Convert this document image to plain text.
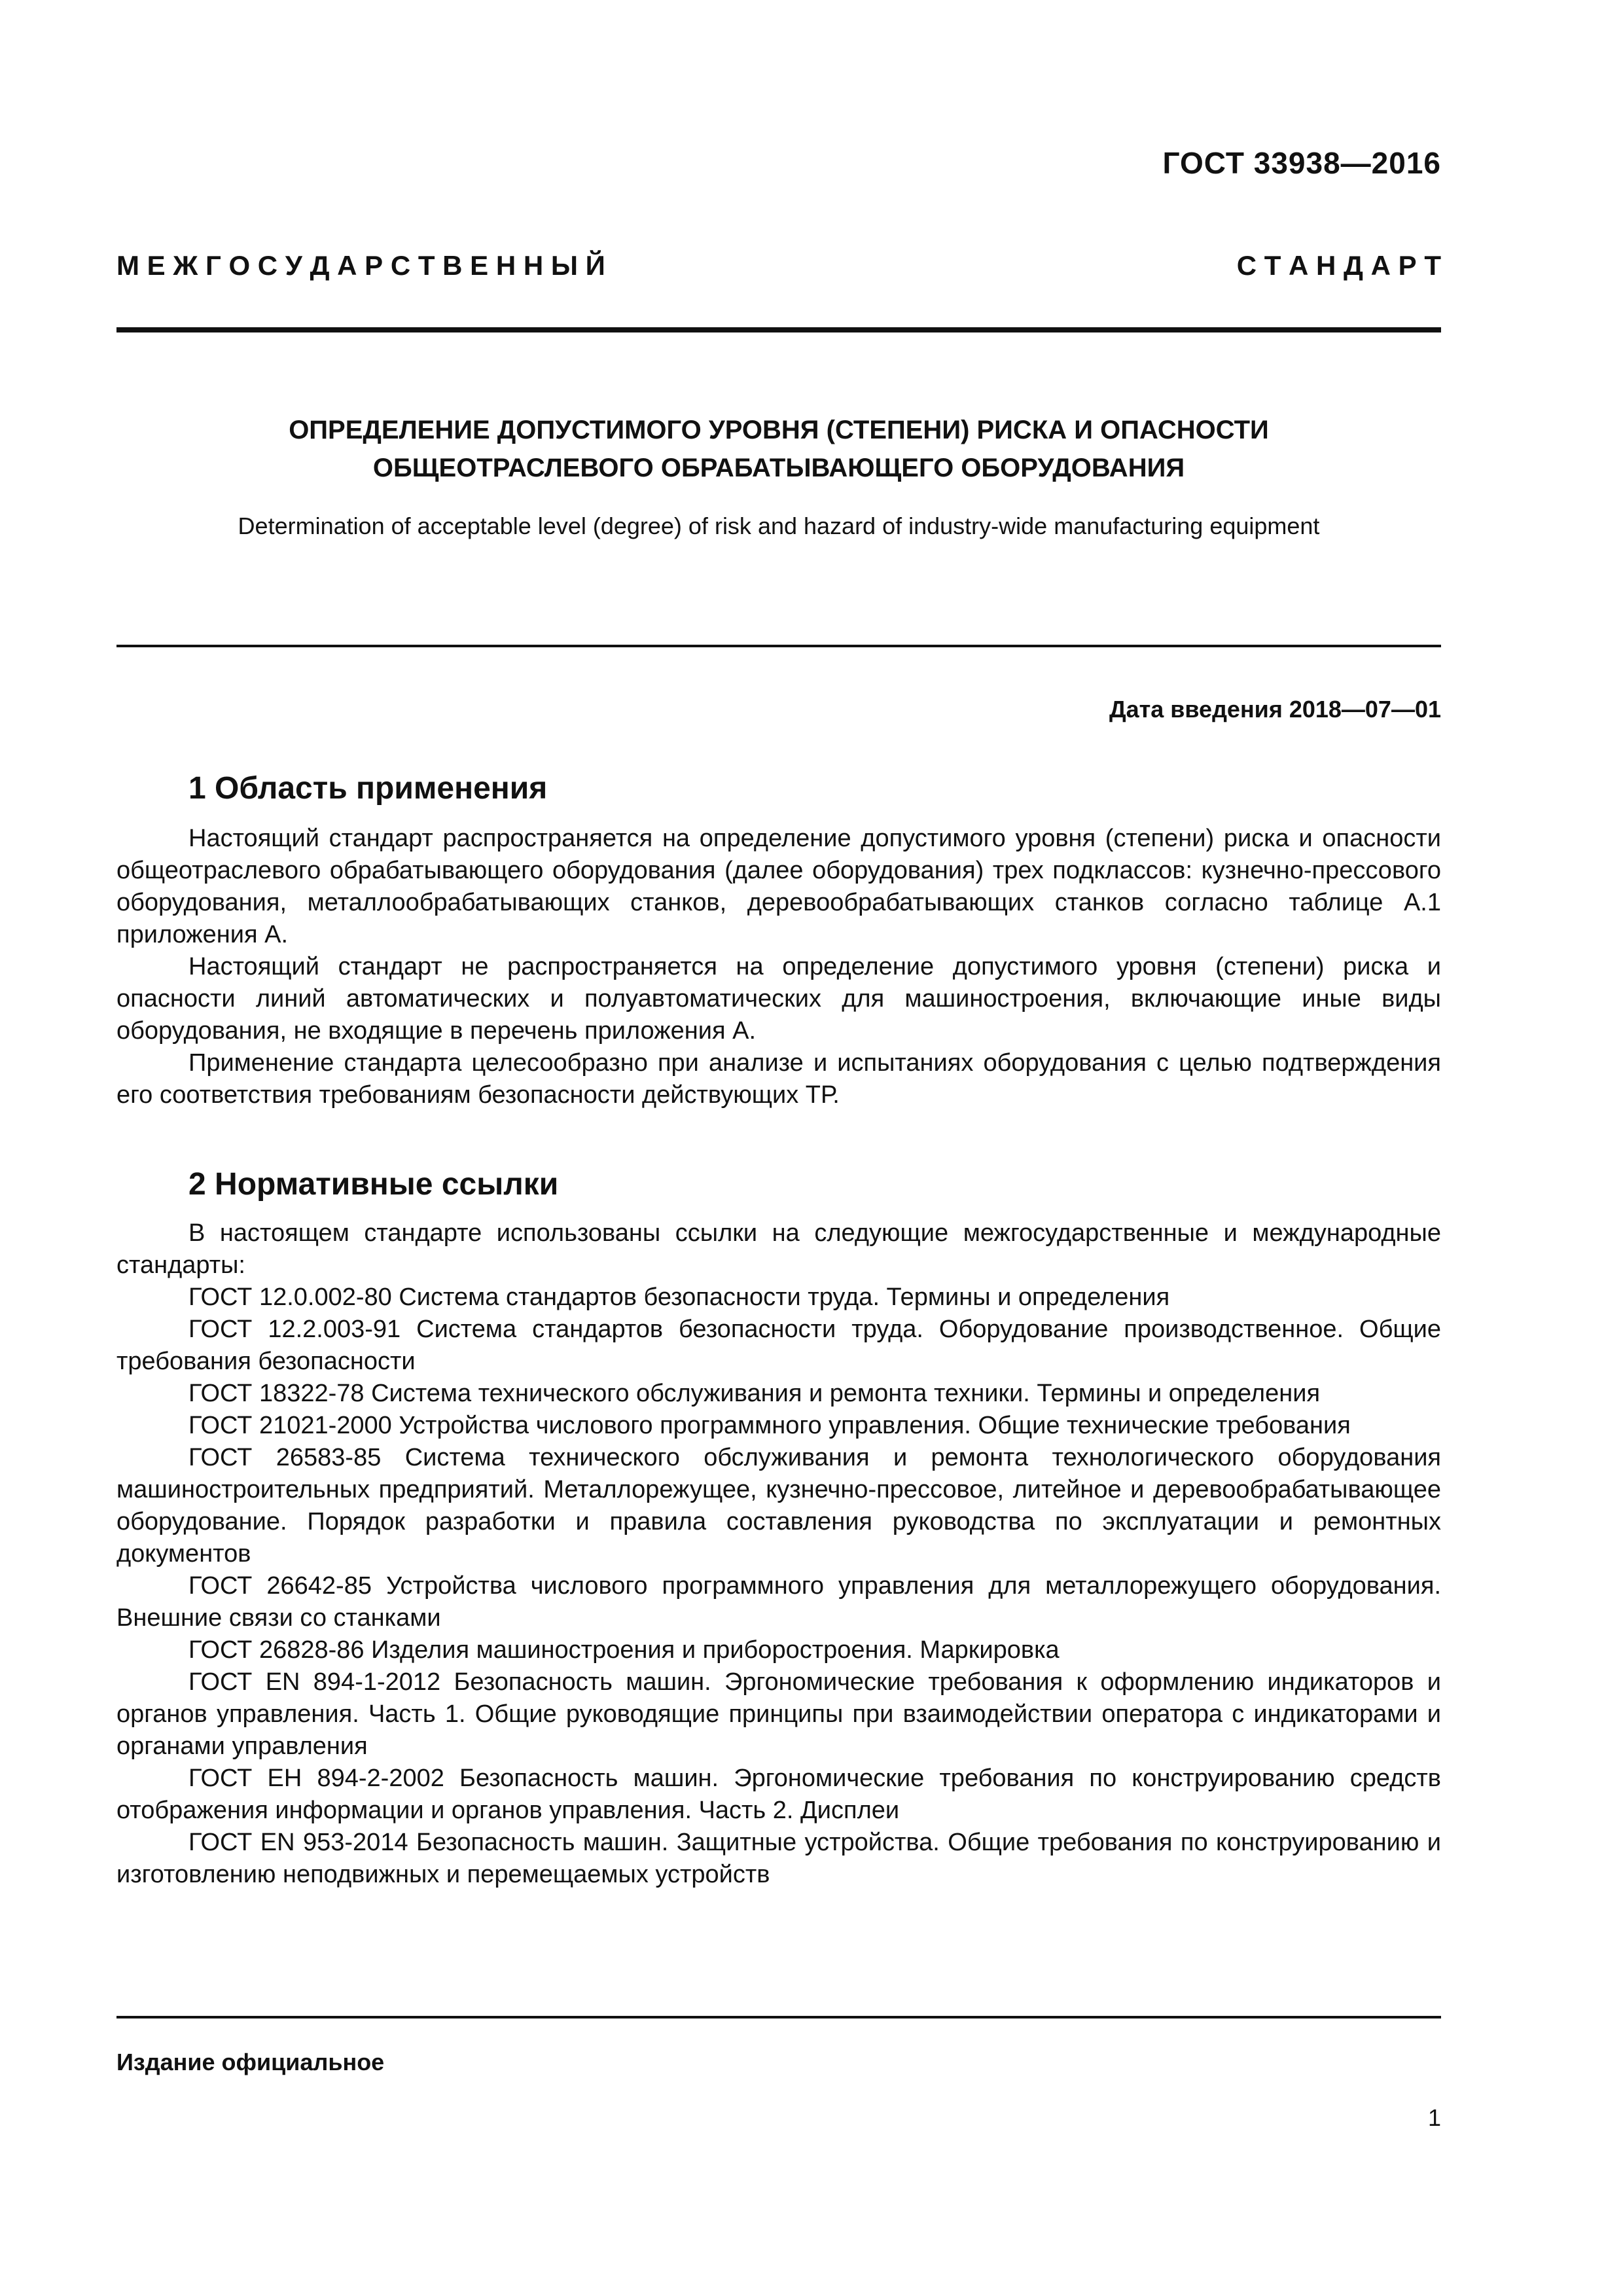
ГОСТ 33938—2016
М Е Ж Г О С У Д А Р С Т В Е Н Н Ы Й	С Т А Н Д А Р Т
ОПРЕДЕЛЕНИЕ ДОПУСТИМОГО УРОВНЯ (СТЕПЕНИ) РИСКА И ОПАСНОСТИ
ОБЩЕОТРАСЛЕВОГО ОБРАБАТЫВАЮЩЕГО ОБОРУДОВАНИЯ
Determination of acceptable level (degree) of risk and hazard of industry-wide manufacturing equipment
Дата введения 2018—07—01
1 Область применения

Настоящий стандарт распространяется на определение допустимого уровня (степени) риска и опасности общеотраслевого обрабатывающего оборудования (далее оборудования) трех подклассов: кузнечно-прессового оборудования, металлообрабатывающих станков, деревообрабатывающих станков согласно таблице А.1 приложения А.

Настоящий стандарт не распространяется на определение допустимого уровня (степени) риска и опасности линий автоматических и полуавтоматических для машиностроения, включающие иные виды оборудования, не входящие в перечень приложения А.

Применение стандарта целесообразно при анализе и испытаниях оборудования с целью подтверждения его соответствия требованиям безопасности действующих ТР.

2 Нормативные ссылки

В настоящем стандарте использованы ссылки на следующие межгосударственные и международные стандарты:

ГОСТ 12.0.002-80 Система стандартов безопасности труда. Термины и определения

ГОСТ 12.2.003-91 Система стандартов безопасности труда. Оборудование производственное. Общие требования безопасности

ГОСТ 18322-78 Система технического обслуживания и ремонта техники. Термины и определения

ГОСТ 21021-2000 Устройства числового программного управления. Общие технические требования

ГОСТ 26583-85 Система технического обслуживания и ремонта технологического оборудования машиностроительных предприятий. Металлорежущее, кузнечно-прессовое, литейное и деревообрабатывающее оборудование. Порядок разработки и правила составления руководства по эксплуатации и ремонтных документов

ГОСТ 26642-85 Устройства числового программного управления для металлорежущего оборудования. Внешние связи со станками

ГОСТ 26828-86 Изделия машиностроения и приборостроения. Маркировка

ГОСТ EN 894-1-2012 Безопасность машин. Эргономические требования к оформлению индикаторов и органов управления. Часть 1. Общие руководящие принципы при взаимодействии оператора с индикаторами и органами управления

ГОСТ ЕН 894-2-2002 Безопасность машин. Эргономические требования по конструированию средств отображения информации и органов управления. Часть 2. Дисплеи

ГОСТ EN 953-2014 Безопасность машин. Защитные устройства. Общие требования по конструированию и изготовлению неподвижных и перемещаемых устройств

Издание официальное
1
